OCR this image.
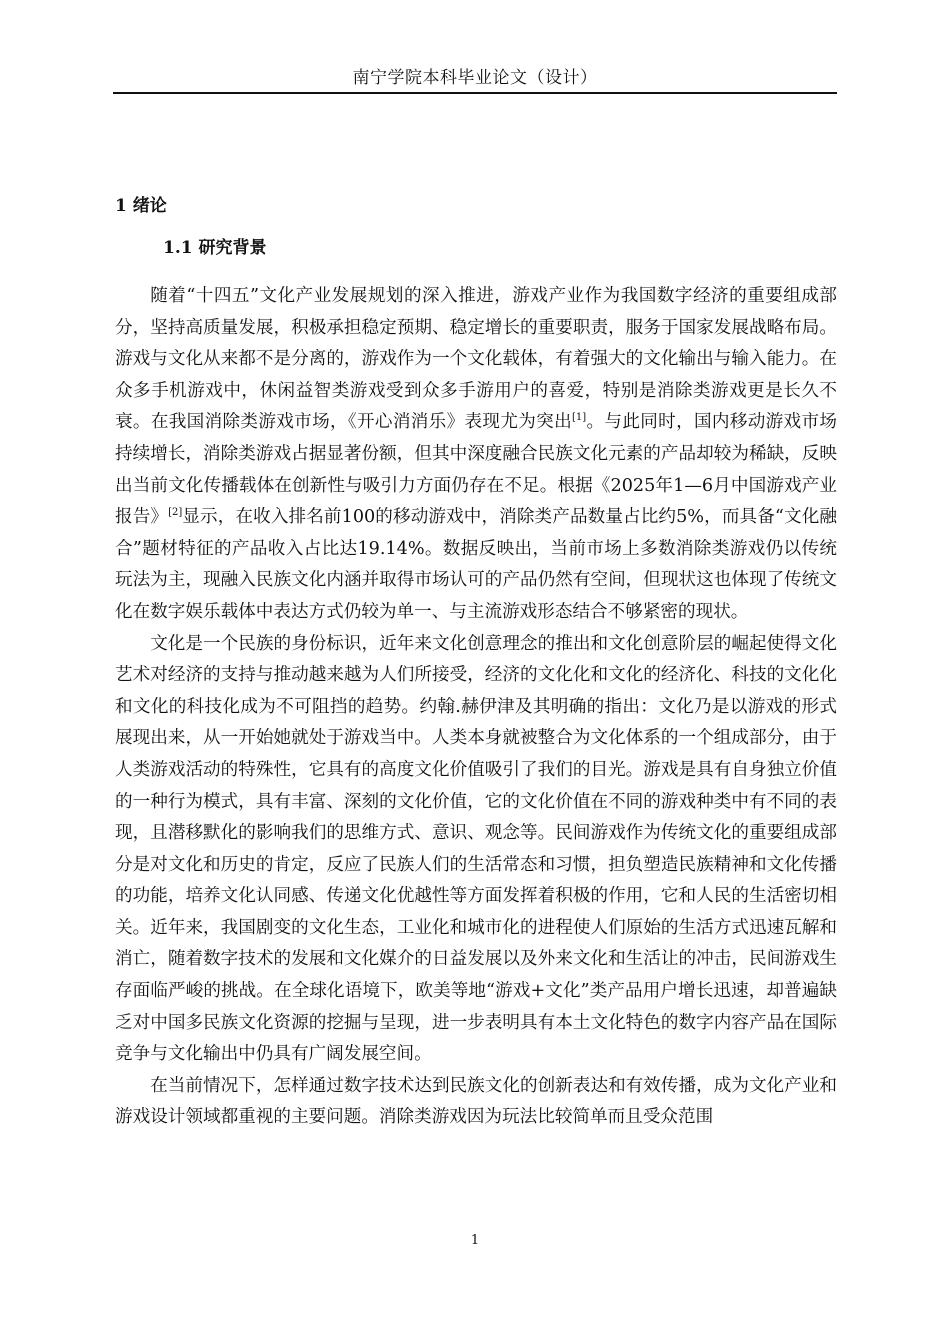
南宁学院本科毕业论文（设计）
1 绪论
1.1 研究背景

随着“十四五”文化产业发展规划的深入推进，游戏产业作为我国数字经济的重要组成部分，坚持高质量发展，积极承担稳定预期、稳定增长的重要职责，服务于国家发展战略布局。游戏与文化从来都不是分离的，游戏作为一个文化载体，有着强大的文化输出与输入能力。在众多手机游戏中，休闲益智类游戏受到众多手游用户的喜爱，特别是消除类游戏更是长久不衰。在我国消除类游戏市场，《开心消消乐》表现尤为突出[1]。与此同时，国内移动游戏市场持续增长，消除类游戏占据显著份额，但其中深度融合民族文化元素的产品却较为稀缺，反映出当前文化传播载体在创新性与吸引力方面仍存在不足。根据《2025年1—6月中国游戏产业报告》[2]显示，在收入排名前100的移动游戏中，消除类产品数量占比约5%，而具备“文化融合”题材特征的产品收入占比达19.14%。数据反映出，当前市场上多数消除类游戏仍以传统玩法为主，现融入民族文化内涵并取得市场认可的产品仍然有空间，但现状这也体现了传统文化在数字娱乐载体中表达方式仍较为单一、与主流游戏形态结合不够紧密的现状。

文化是一个民族的身份标识，近年来文化创意理念的推出和文化创意阶层的崛起使得文化艺术对经济的支持与推动越来越为人们所接受，经济的文化化和文化的经济化、科技的文化化和文化的科技化成为不可阻挡的趋势。约翰.赫伊津及其明确的指出：文化乃是以游戏的形式展现出来，从一开始她就处于游戏当中。人类本身就被整合为文化体系的一个组成部分，由于人类游戏活动的特殊性，它具有的高度文化价值吸引了我们的目光。游戏是具有自身独立价值的一种行为模式，具有丰富、深刻的文化价值，它的文化价值在不同的游戏种类中有不同的表现，且潜移默化的影响我们的思维方式、意识、观念等。民间游戏作为传统文化的重要组成部分是对文化和历史的肯定，反应了民族人们的生活常态和习惯，担负塑造民族精神和文化传播的功能，培养文化认同感、传递文化优越性等方面发挥着积极的作用，它和人民的生活密切相关。近年来，我国剧变的文化生态，工业化和城市化的进程使人们原始的生活方式迅速瓦解和消亡，随着数字技术的发展和文化媒介的日益发展以及外来文化和生活让的冲击，民间游戏生存面临严峻的挑战。在全球化语境下，欧美等地“游戏+文化”类产品用户增长迅速，却普遍缺乏对中国多民族文化资源的挖掘与呈现，进一步表明具有本土文化特色的数字内容产品在国际竞争与文化输出中仍具有广阔发展空间。

在当前情况下，怎样通过数字技术达到民族文化的创新表达和有效传播，成为文化产业和游戏设计领域都重视的主要问题。消除类游戏因为玩法比较简单而且受众范围

1
